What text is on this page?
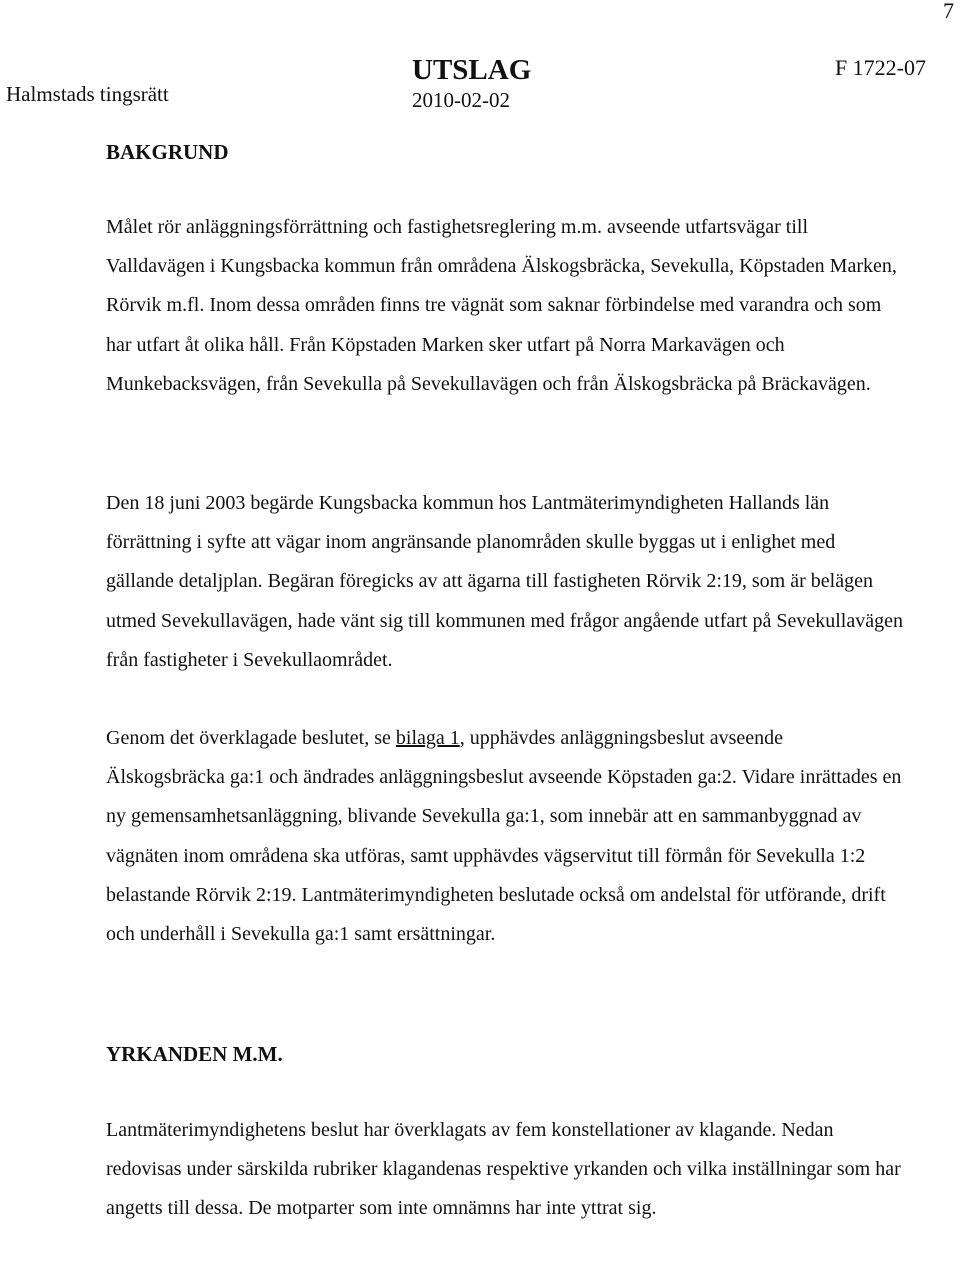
7
Halmstads tingsrätt
UTSLAG
2010-02-02
F 1722-07
BAKGRUND

Målet rör anläggningsförrättning och fastighetsreglering m.m. avseende utfartsvägar till Valldavägen i Kungsbacka kommun från områdena Älskogsbräcka, Sevekulla, Köpstaden Marken, Rörvik m.fl. Inom dessa områden finns tre vägnät som saknar förbindelse med varandra och som har utfart åt olika håll. Från Köpstaden Marken sker utfart på Norra Markavägen och Munkebacksvägen, från Sevekulla på Sevekullavägen och från Älskogsbräcka på Bräckavägen.

Den 18 juni 2003 begärde Kungsbacka kommun hos Lantmäterimyndigheten Hallands län förrättning i syfte att vägar inom angränsande planområden skulle byggas ut i enlighet med gällande detaljplan. Begäran föregicks av att ägarna till fastigheten Rörvik 2:19, som är belägen utmed Sevekullavägen, hade vänt sig till kommunen med frågor angående utfart på Sevekullavägen från fastigheter i Sevekullaområdet.

Genom det överklagade beslutet, se bilaga 1, upphävdes anläggningsbeslut avseende Älskogsbräcka ga:1 och ändrades anläggningsbeslut avseende Köpstaden ga:2. Vidare inrättades en ny gemensamhetsanläggning, blivande Sevekulla ga:1, som innebär att en sammanbyggnad av vägnäten inom områdena ska utföras, samt upphävdes vägservitut till förmån för Sevekulla 1:2 belastande Rörvik 2:19. Lantmäterimyndigheten beslutade också om andelstal för utförande, drift och underhåll i Sevekulla ga:1 samt ersättningar.

YRKANDEN M.M.

Lantmäterimyndighetens beslut har överklagats av fem konstellationer av klagande. Nedan redovisas under särskilda rubriker klagandenas respektive yrkanden och vilka inställningar som har angetts till dessa. De motparter som inte omnämns har inte yttrat sig.
